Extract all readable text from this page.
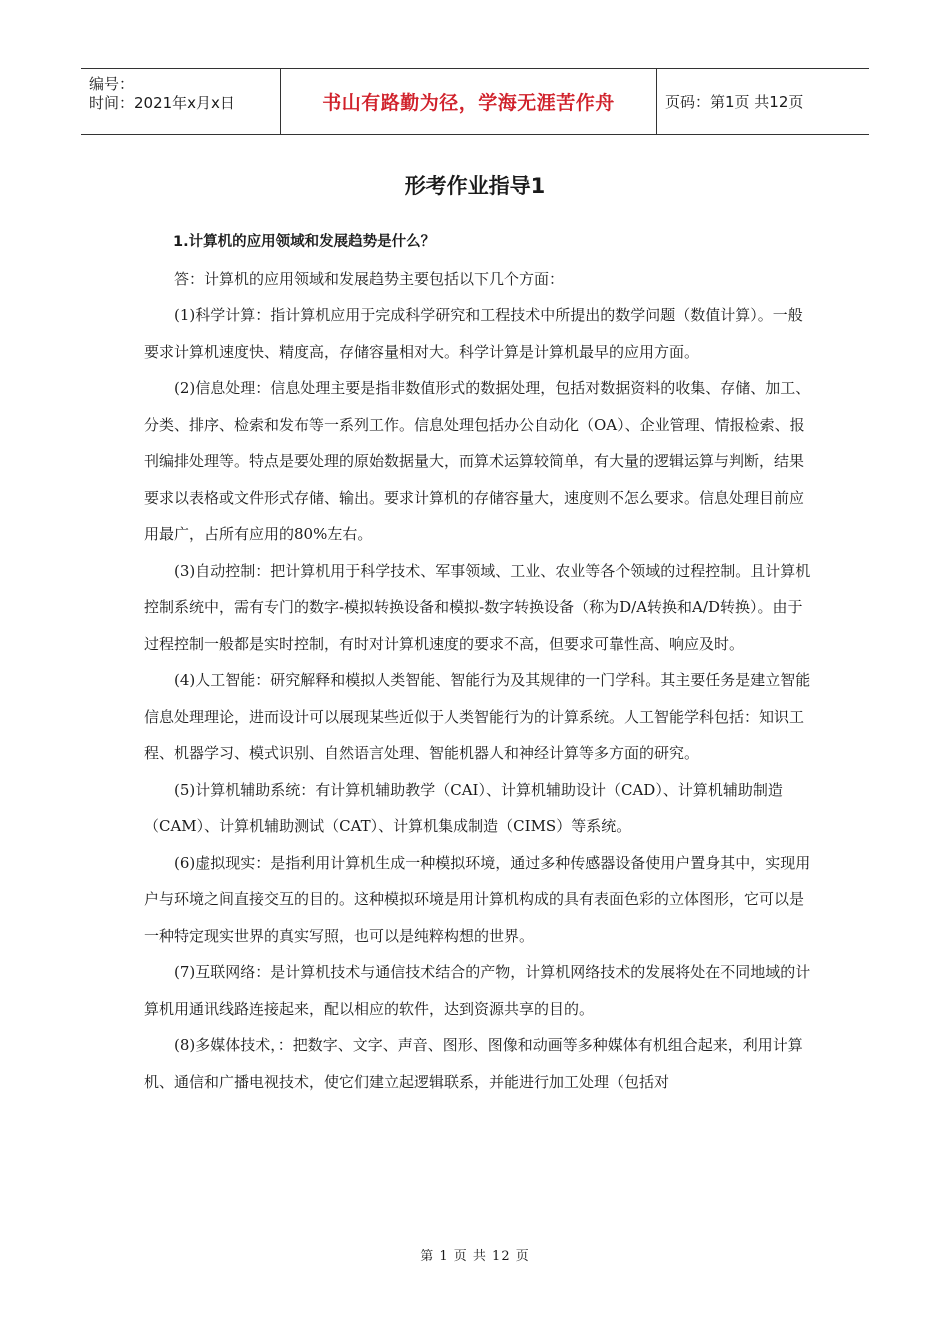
编号：
时间：2021年x月x日	书山有路勤为径，学海无涯苦作舟	页码：第1页 共12页
形考作业指导1

1.计算机的应用领域和发展趋势是什么？

答：计算机的应用领域和发展趋势主要包括以下几个方面：

(1)科学计算：指计算机应用于完成科学研究和工程技术中所提出的数学问题（数值计算）。一般要求计算机速度快、精度高，存储容量相对大。科学计算是计算机最早的应用方面。

(2)信息处理：信息处理主要是指非数值形式的数据处理，包括对数据资料的收集、存储、加工、分类、排序、检索和发布等一系列工作。信息处理包括办公自动化（OA）、企业管理、情报检索、报刊编排处理等。特点是要处理的原始数据量大，而算术运算较简单，有大量的逻辑运算与判断，结果要求以表格或文件形式存储、输出。要求计算机的存储容量大，速度则不怎么要求。信息处理目前应用最广，占所有应用的80%左右。

(3)自动控制：把计算机用于科学技术、军事领域、工业、农业等各个领域的过程控制。且计算机控制系统中，需有专门的数字-模拟转换设备和模拟-数字转换设备（称为D/A转换和A/D转换）。由于过程控制一般都是实时控制，有时对计算机速度的要求不高，但要求可靠性高、响应及时。

(4)人工智能：研究解释和模拟人类智能、智能行为及其规律的一门学科。其主要任务是建立智能信息处理理论，进而设计可以展现某些近似于人类智能行为的计算系统。人工智能学科包括：知识工程、机器学习、模式识别、自然语言处理、智能机器人和神经计算等多方面的研究。

(5)计算机辅助系统：有计算机辅助教学（CAI）、计算机辅助设计（CAD）、计算机辅助制造（CAM）、计算机辅助测试（CAT）、计算机集成制造（CIMS）等系统。

(6)虚拟现实：是指利用计算机生成一种模拟环境，通过多种传感器设备使用户置身其中，实现用户与环境之间直接交互的目的。这种模拟环境是用计算机构成的具有表面色彩的立体图形，它可以是一种特定现实世界的真实写照，也可以是纯粹构想的世界。

(7)互联网络：是计算机技术与通信技术结合的产物，计算机网络技术的发展将处在不同地域的计算机用通讯线路连接起来，配以相应的软件，达到资源共享的目的。

(8)多媒体技术，：把数字、文字、声音、图形、图像和动画等多种媒体有机组合起来，利用计算机、通信和广播电视技术，使它们建立起逻辑联系，并能进行加工处理（包括对

第 1 页 共 12 页
